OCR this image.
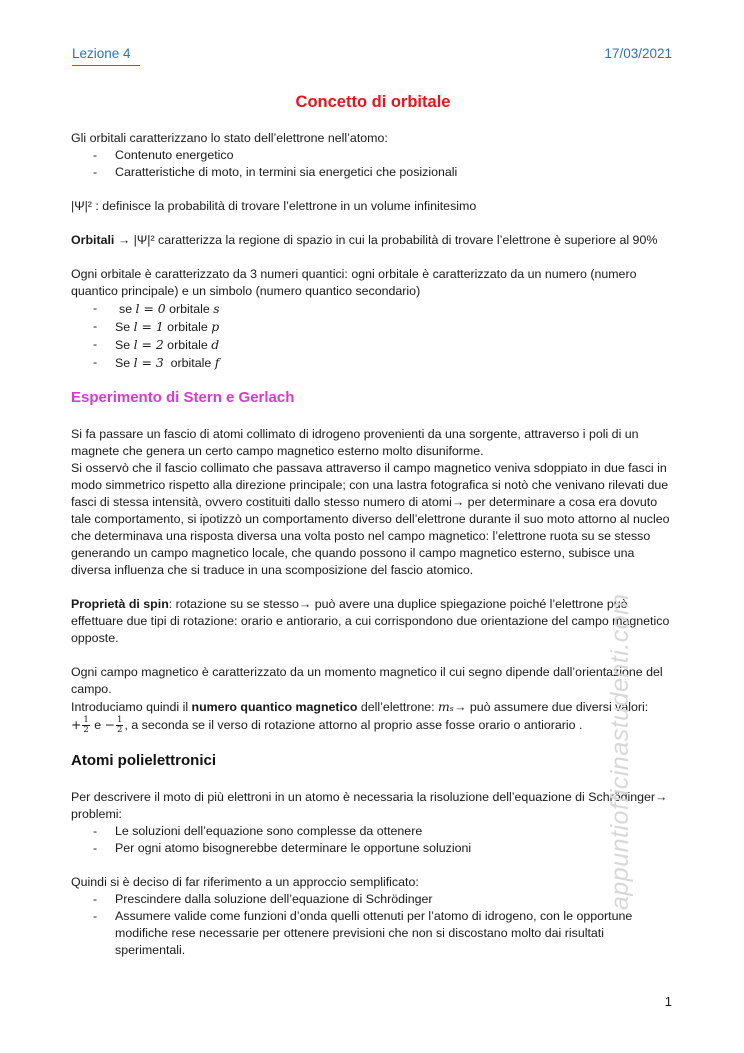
Lezione 4	17/03/2021
Concetto di orbitale

Gli orbitali caratterizzano lo stato dell’elettrone nell’atomo:

- Contenuto energetico
- Caratteristiche di moto, in termini sia energetici che posizionali

|Ψ|² : definisce la probabilità di trovare l’elettrone in un volume infinitesimo

Orbitali → |Ψ|² caratterizza la regione di spazio in cui la probabilità di trovare l’elettrone è superiore al 90%

Ogni orbitale è caratterizzato da 3 numeri quantici: ogni orbitale è caratterizzato da un numero (numero quantico principale) e un simbolo (numero quantico secondario)

- se l = 0 orbitale s
- Se l = 1 orbitale p
- Se l = 2 orbitale d
- Se l = 3 orbitale f
Esperimento di Stern e Gerlach

Si fa passare un fascio di atomi collimato di idrogeno provenienti da una sorgente, attraverso i poli di un magnete che genera un certo campo magnetico esterno molto disuniforme.

Si osservò che il fascio collimato che passava attraverso il campo magnetico veniva sdoppiato in due fasci in modo simmetrico rispetto alla direzione principale; con una lastra fotografica si notò che venivano rilevati due fasci di stessa intensità, ovvero costituiti dallo stesso numero di atomi→ per determinare a cosa era dovuto tale comportamento, si ipotizzò un comportamento diverso dell’elettrone durante il suo moto attorno al nucleo che determinava una risposta diversa una volta posto nel campo magnetico: l’elettrone ruota su se stesso generando un campo magnetico locale, che quando possono il campo magnetico esterno, subisce una diversa influenza che si traduce in una scomposizione del fascio atomico.

Proprietà di spin: rotazione su se stesso→ può avere una duplice spiegazione poiché l’elettrone può effettuare due tipi di rotazione: orario e antiorario, a cui corrispondono due orientazione del campo magnetico opposte.

Ogni campo magnetico è caratterizzato da un momento magnetico il cui segno dipende dall’orientazione del campo.

Introduciamo quindi il numero quantico magnetico dell’elettrone: mₛ→ può assumere due diversi valori:

+ $\frac{1}{2}$ $e - \frac{1}{2}$ , a seconda se il verso di rotazione attorno al proprio asse fosse orario o antiorario .

Atomi polielettronici

Per descrivere il moto di più elettroni in un atomo è necessaria la risoluzione dell’equazione di Schrödinger→ problemi:

- Le soluzioni dell’equazione sono complesse da ottenere
- Per ogni atomo bisognerebbe determinare le opportune soluzioni

Quindi si è deciso di far riferimento a un approccio semplificato:

- Prescindere dalla soluzione dell’equazione di Schrödinger
- Assumere valide come funzioni d’onda quelli ottenuti per l’atomo di idrogeno, con le opportune modifiche rese necessarie per ottenere previsioni che non si discostano molto dai risultati sperimentali.
appuntiofficinastudenti.com
1
